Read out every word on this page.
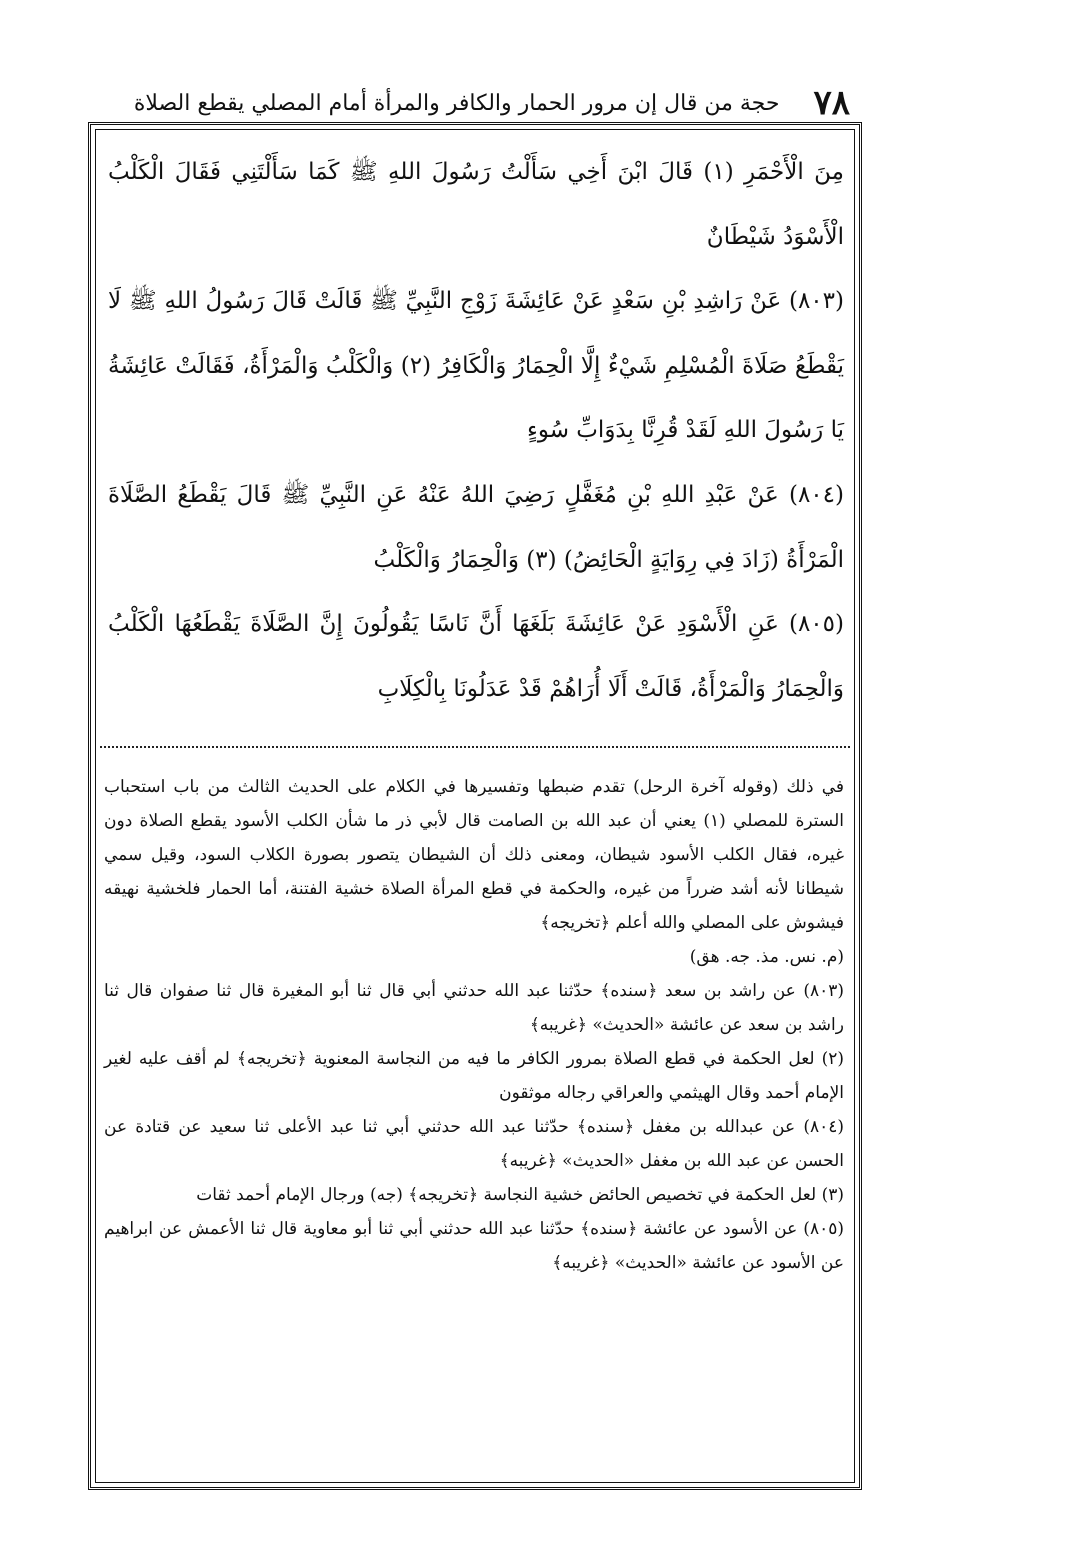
٧٨
حجة من قال إن مرور الحمار والكافر والمرأة أمام المصلي يقطع الصلاة

مِنَ الْأَحْمَرِ (١) قَالَ ابْنَ أَخِي سَأَلْتُ رَسُولَ اللهِ ﷺ كَمَا سَأَلْتَنِي فَقَالَ الْكَلْبُ الْأَسْوَدُ شَيْطَانٌ

(٨٠٣) عَنْ رَاشِدِ بْنِ سَعْدٍ عَنْ عَائِشَةَ زَوْجِ النَّبِيِّ ﷺ قَالَتْ قَالَ رَسُولُ اللهِ ﷺ لَا يَقْطَعُ صَلَاةَ الْمُسْلِمِ شَيْءٌ إِلَّا الْحِمَارُ وَالْكَافِرُ (٢) وَالْكَلْبُ وَالْمَرْأَةُ، فَقَالَتْ عَائِشَةُ يَا رَسُولَ اللهِ لَقَدْ قُرِنَّا بِدَوَابِّ سُوءٍ

(٨٠٤) عَنْ عَبْدِ اللهِ بْنِ مُغَفَّلٍ رَضِيَ اللهُ عَنْهُ عَنِ النَّبِيِّ ﷺ قَالَ يَقْطَعُ الصَّلَاةَ الْمَرْأَةُ (زَادَ فِي رِوَايَةٍ الْحَائِضُ) (٣) وَالْحِمَارُ وَالْكَلْبُ

(٨٠٥) عَنِ الْأَسْوَدِ عَنْ عَائِشَةَ بَلَغَهَا أَنَّ نَاسًا يَقُولُونَ إِنَّ الصَّلَاةَ يَقْطَعُهَا الْكَلْبُ وَالْحِمَارُ وَالْمَرْأَةُ، قَالَتْ أَلَا أُرَاهُمْ قَدْ عَدَلُونَا بِالْكِلَابِ

في ذلك (وقوله آخرة الرحل) تقدم ضبطها وتفسيرها في الكلام على الحديث الثالث من باب استحباب السترة للمصلي (١) يعني أن عبد الله بن الصامت قال لأبي ذر ما شأن الكلب الأسود يقطع الصلاة دون غيره، فقال الكلب الأسود شيطان، ومعنى ذلك أن الشيطان يتصور بصورة الكلاب السود، وقيل سمي شيطانا لأنه أشد ضرراً من غيره، والحكمة في قطع المرأة الصلاة خشية الفتنة، أما الحمار فلخشية نهيقه فيشوش على المصلي والله أعلم ﴿تخريجه﴾

(م. نس. مذ. جه. هق)

(٨٠٣) عن راشد بن سعد ﴿سنده﴾ حدّثنا عبد الله حدثني أبي قال ثنا أبو المغيرة قال ثنا صفوان قال ثنا راشد بن سعد عن عائشة «الحديث» ﴿غريبه﴾

(٢) لعل الحكمة في قطع الصلاة بمرور الكافر ما فيه من النجاسة المعنوية ﴿تخريجه﴾ لم أقف عليه لغير الإمام أحمد وقال الهيثمي والعراقي رجاله موثقون

(٨٠٤) عن عبدالله بن مغفل ﴿سنده﴾ حدّثنا عبد الله حدثني أبي ثنا عبد الأعلى ثنا سعيد عن قتادة عن الحسن عن عبد الله بن مغفل «الحديث» ﴿غريبه﴾

(٣) لعل الحكمة في تخصيص الحائض خشية النجاسة ﴿تخريجه﴾ (جه) ورجال الإمام أحمد ثقات

(٨٠٥) عن الأسود عن عائشة ﴿سنده﴾ حدّثنا عبد الله حدثني أبي ثنا أبو معاوية قال ثنا الأعمش عن ابراهيم عن الأسود عن عائشة «الحديث» ﴿غريبه﴾
